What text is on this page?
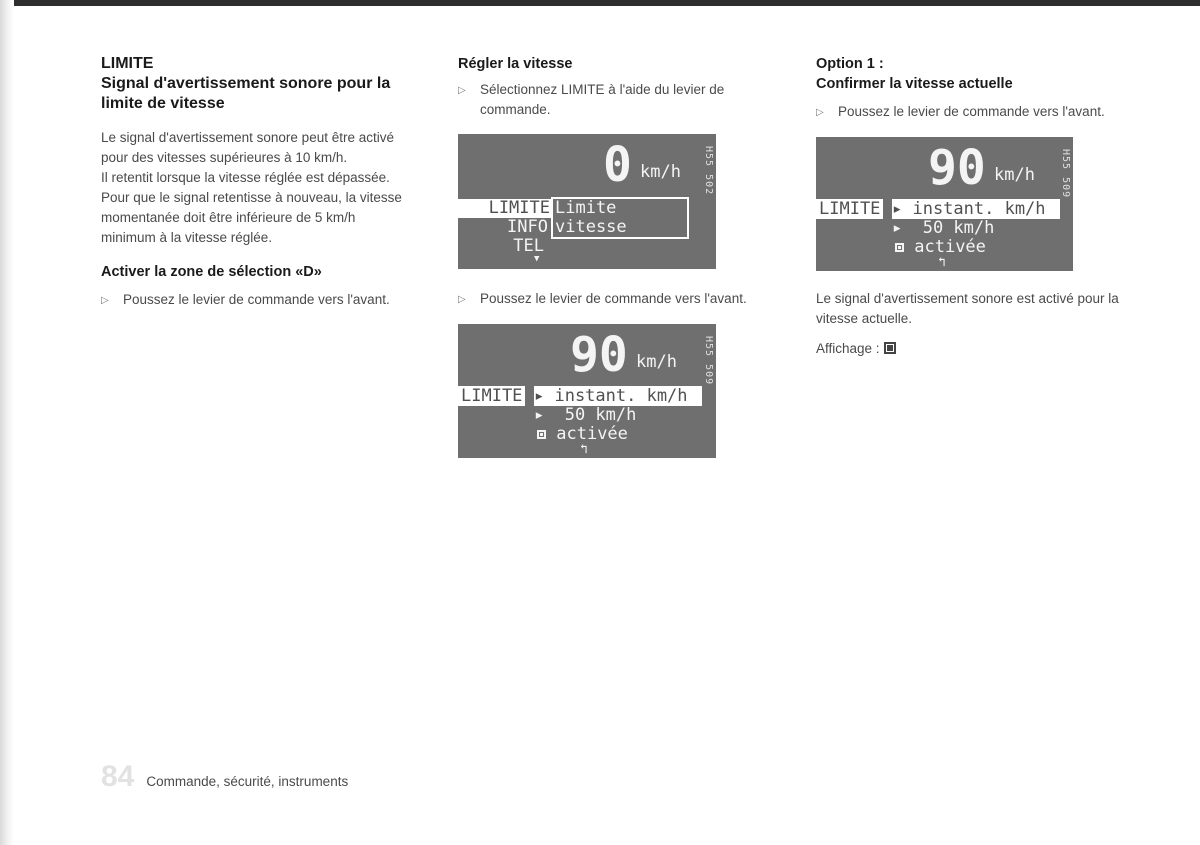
LIMITE
Signal d'avertissement sonore pour la limite de vitesse

Le signal d'avertissement sonore peut être activé

pour des vitesses supérieures à 10 km/h.

Il retentit lorsque la vitesse réglée est dépassée.

Pour que le signal retentisse à nouveau, la vitesse

momentanée doit être inférieure de 5 km/h

minimum à la vitesse réglée.

Activer la zone de sélection «D»
▷	Poussez le levier de commande vers l'avant.
Régler la vitesse
▷	Sélectionnez LIMITE à l'aide du levier de commande.
0 km/h H55 502
LIMITE
INFO
TEL
Limite
vitesse
▼
▷	Poussez le levier de commande vers l'avant.
90 km/h	H55 509
LIMITE ▸ instant. km/h
▸  50 km/h
activée
↰
Option 1 :
Confirmer la vitesse actuelle
▷	Poussez le levier de commande vers l'avant.
90 km/h	H55 509
LIMITE ▸ instant. km/h
▸  50 km/h
activée
↰

Le signal d'avertissement sonore est activé pour la vitesse actuelle.

Affichage :

84 Commande, sécurité, instruments
